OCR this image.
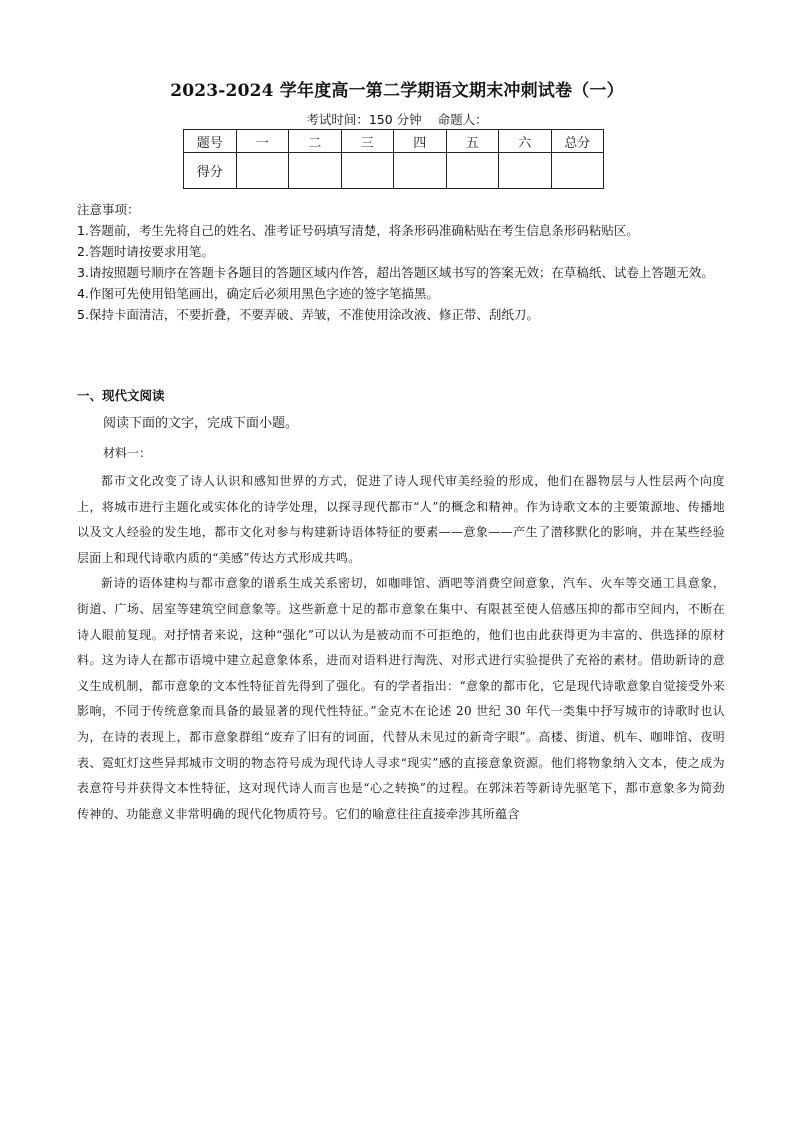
2023-2024 学年度高一第二学期语文期末冲刺试卷（一）
考试时间：150 分钟 命题人：
题号	一	二	三	四	五	六	总分
得分							
注意事项：
1.答题前，考生先将自己的姓名、准考证号码填写清楚，将条形码准确粘贴在考生信息条形码粘贴区。
2.答题时请按要求用笔。
3.请按照题号顺序在答题卡各题目的答题区域内作答，超出答题区域书写的答案无效；在草稿纸、试卷上答题无效。
4.作图可先使用铅笔画出，确定后必须用黑色字迹的签字笔描黑。
5.保持卡面清洁，不要折叠，不要弄破、弄皱，不准使用涂改液、修正带、刮纸刀。
一、现代文阅读
阅读下面的文字，完成下面小题。
材料一：

都市文化改变了诗人认识和感知世界的方式，促进了诗人现代审美经验的形成，他们在器物层与人性层两个向度上，将城市进行主题化或实体化的诗学处理，以探寻现代都市“人”的概念和精神。作为诗歌文本的主要策源地、传播地以及文人经验的发生地，都市文化对参与构建新诗语体特征的要素——意象——产生了潜移默化的影响，并在某些经验层面上和现代诗歌内质的“美感”传达方式形成共鸣。

新诗的语体建构与都市意象的谱系生成关系密切，如咖啡馆、酒吧等消费空间意象，汽车、火车等交通工具意象，街道、广场、居室等建筑空间意象等。这些新意十足的都市意象在集中、有限甚至使人倍感压抑的都市空间内，不断在诗人眼前复现。对抒情者来说，这种“强化”可以认为是被动而不可拒绝的，他们也由此获得更为丰富的、供选择的原材料。这为诗人在都市语境中建立起意象体系，进而对语料进行淘洗、对形式进行实验提供了充裕的素材。借助新诗的意义生成机制，都市意象的文本性特征首先得到了强化。有的学者指出：“意象的都市化，它是现代诗歌意象自觉接受外来影响，不同于传统意象而具备的最显著的现代性特征。”金克木在论述 20 世纪 30 年代一类集中抒写城市的诗歌时也认为，在诗的表现上，都市意象群组“废弃了旧有的词面，代替从未见过的新奇字眼”。高楼、街道、机车、咖啡馆、夜明表、霓虹灯这些异邦城市文明的物态符号成为现代诗人寻求“现实”感的直接意象资源。他们将物象纳入文本，使之成为表意符号并获得文本性特征，这对现代诗人而言也是“心之转换”的过程。在郭沫若等新诗先驱笔下，都市意象多为简劲传神的、功能意义非常明确的现代化物质符号。它们的喻意往往直接牵涉其所蕴含
